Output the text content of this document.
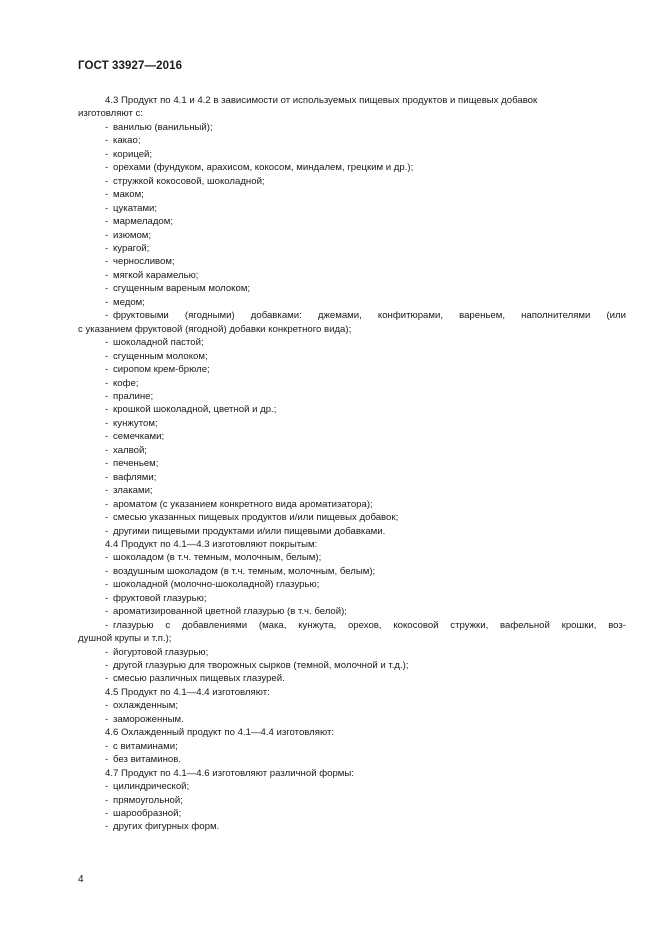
ГОСТ 33927—2016
4.3 Продукт по 4.1 и 4.2 в зависимости от используемых пищевых продуктов и пищевых добавок
изготовляют с:
- ванилью (ванильный);
- какао;
- корицей;
- орехами (фундуком, арахисом, кокосом, миндалем, грецким и др.);
- стружкой кокосовой, шоколадной;
- маком;
- цукатами;
- мармеладом;
- изюмом;
- курагой;
- черносливом;
- мягкой карамелью;
- сгущенным вареным молоком;
- медом;
- фруктовыми (ягодными) добавками: джемами, конфитюрами, вареньем, наполнителями (или
с указанием фруктовой (ягодной) добавки конкретного вида);
- шоколадной пастой;
- сгущенным молоком;
- сиропом крем-брюле;
- кофе;
- пралине;
- крошкой шоколадной, цветной и др.;
- кунжутом;
- семечками;
- халвой;
- печеньем;
- вафлями;
- злаками;
- ароматом (с указанием конкретного вида ароматизатора);
- смесью указанных пищевых продуктов и/или пищевых добавок;
- другими пищевыми продуктами и/или пищевыми добавками.
4.4 Продукт по 4.1—4.3 изготовляют покрытым:
- шоколадом (в т.ч. темным, молочным, белым);
- воздушным шоколадом (в т.ч. темным, молочным, белым);
- шоколадной (молочно-шоколадной) глазурью;
- фруктовой глазурью;
- ароматизированной цветной глазурью (в т.ч. белой);
- глазурью с добавлениями (мака, кунжута, орехов, кокосовой стружки, вафельной крошки, воз-
душной крупы и т.п.);
- йогуртовой глазурью;
- другой глазурью для творожных сырков (темной, молочной и т.д.);
- смесью различных пищевых глазурей.
4.5 Продукт по 4.1—4.4 изготовляют:
- охлажденным;
- замороженным.
4.6 Охлажденный продукт по 4.1—4.4 изготовляют:
- с витаминами;
- без витаминов.
4.7 Продукт по 4.1—4.6 изготовляют различной формы:
- цилиндрической;
- прямоугольной;
- шарообразной;
- других фигурных форм.
4
